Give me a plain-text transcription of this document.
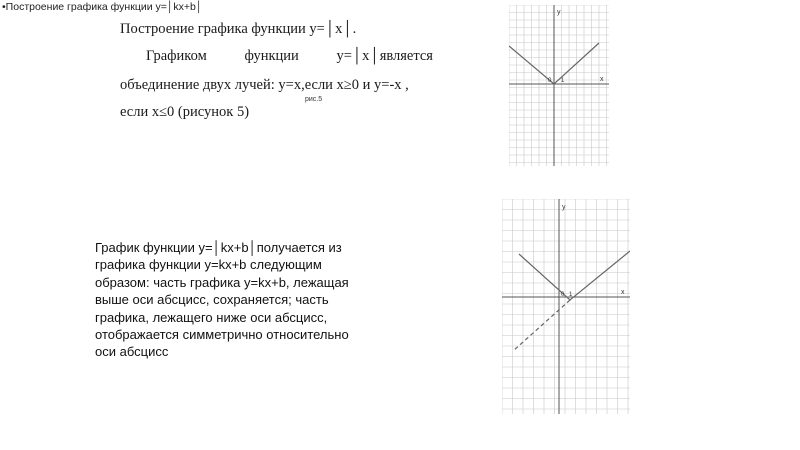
•Построение графика функции у=│kx+b│
Построение графика функции у=│х│.
Графиком	функции	у=│х│является
объединение двух лучей: у=х,если х≥0 и у=-х ,
рис.5
если х≤0 (рисунок 5)
у
х
0 1
График функции у=│kx+b│получается из
графика функции у=kx+b следующим
образом: часть графика у=kx+b, лежащая
выше оси абсцисс, сохраняется; часть
графика, лежащего ниже оси абсцисс,
отображается симметрично относительно
оси абсцисс
у
х
0 1
